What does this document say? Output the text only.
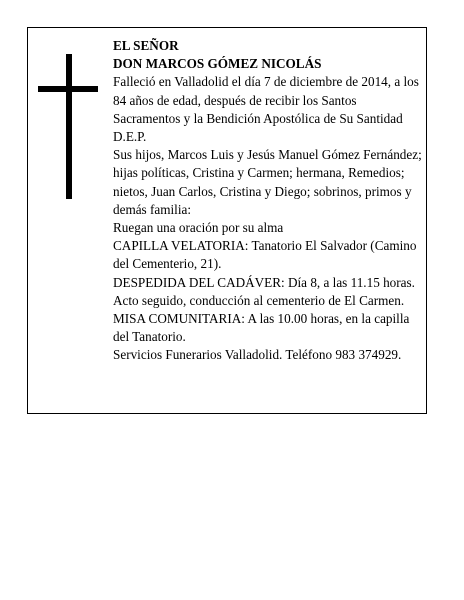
EL SEÑOR

DON MARCOS GÓMEZ NICOLÁS

Falleció en Valladolid el día 7 de diciembre de 2014, a los 84 años de edad, después de recibir los Santos Sacramentos y la Bendición Apostólica de Su Santidad D.E.P.

Sus hijos, Marcos Luis y Jesús Manuel Gómez Fernández; hijas políticas, Cristina y Carmen; hermana, Remedios; nietos, Juan Carlos, Cristina y Diego; sobrinos, primos y demás familia:

Ruegan una oración por su alma

CAPILLA VELATORIA: Tanatorio El Salvador (Camino del Cementerio, 21).

DESPEDIDA DEL CADÁVER: Día 8, a las 11.15 horas. Acto seguido, conducción al cementerio de El Carmen.

MISA COMUNITARIA: A las 10.00 horas, en la capilla del Tanatorio.

Servicios Funerarios Valladolid. Teléfono 983 374929.
